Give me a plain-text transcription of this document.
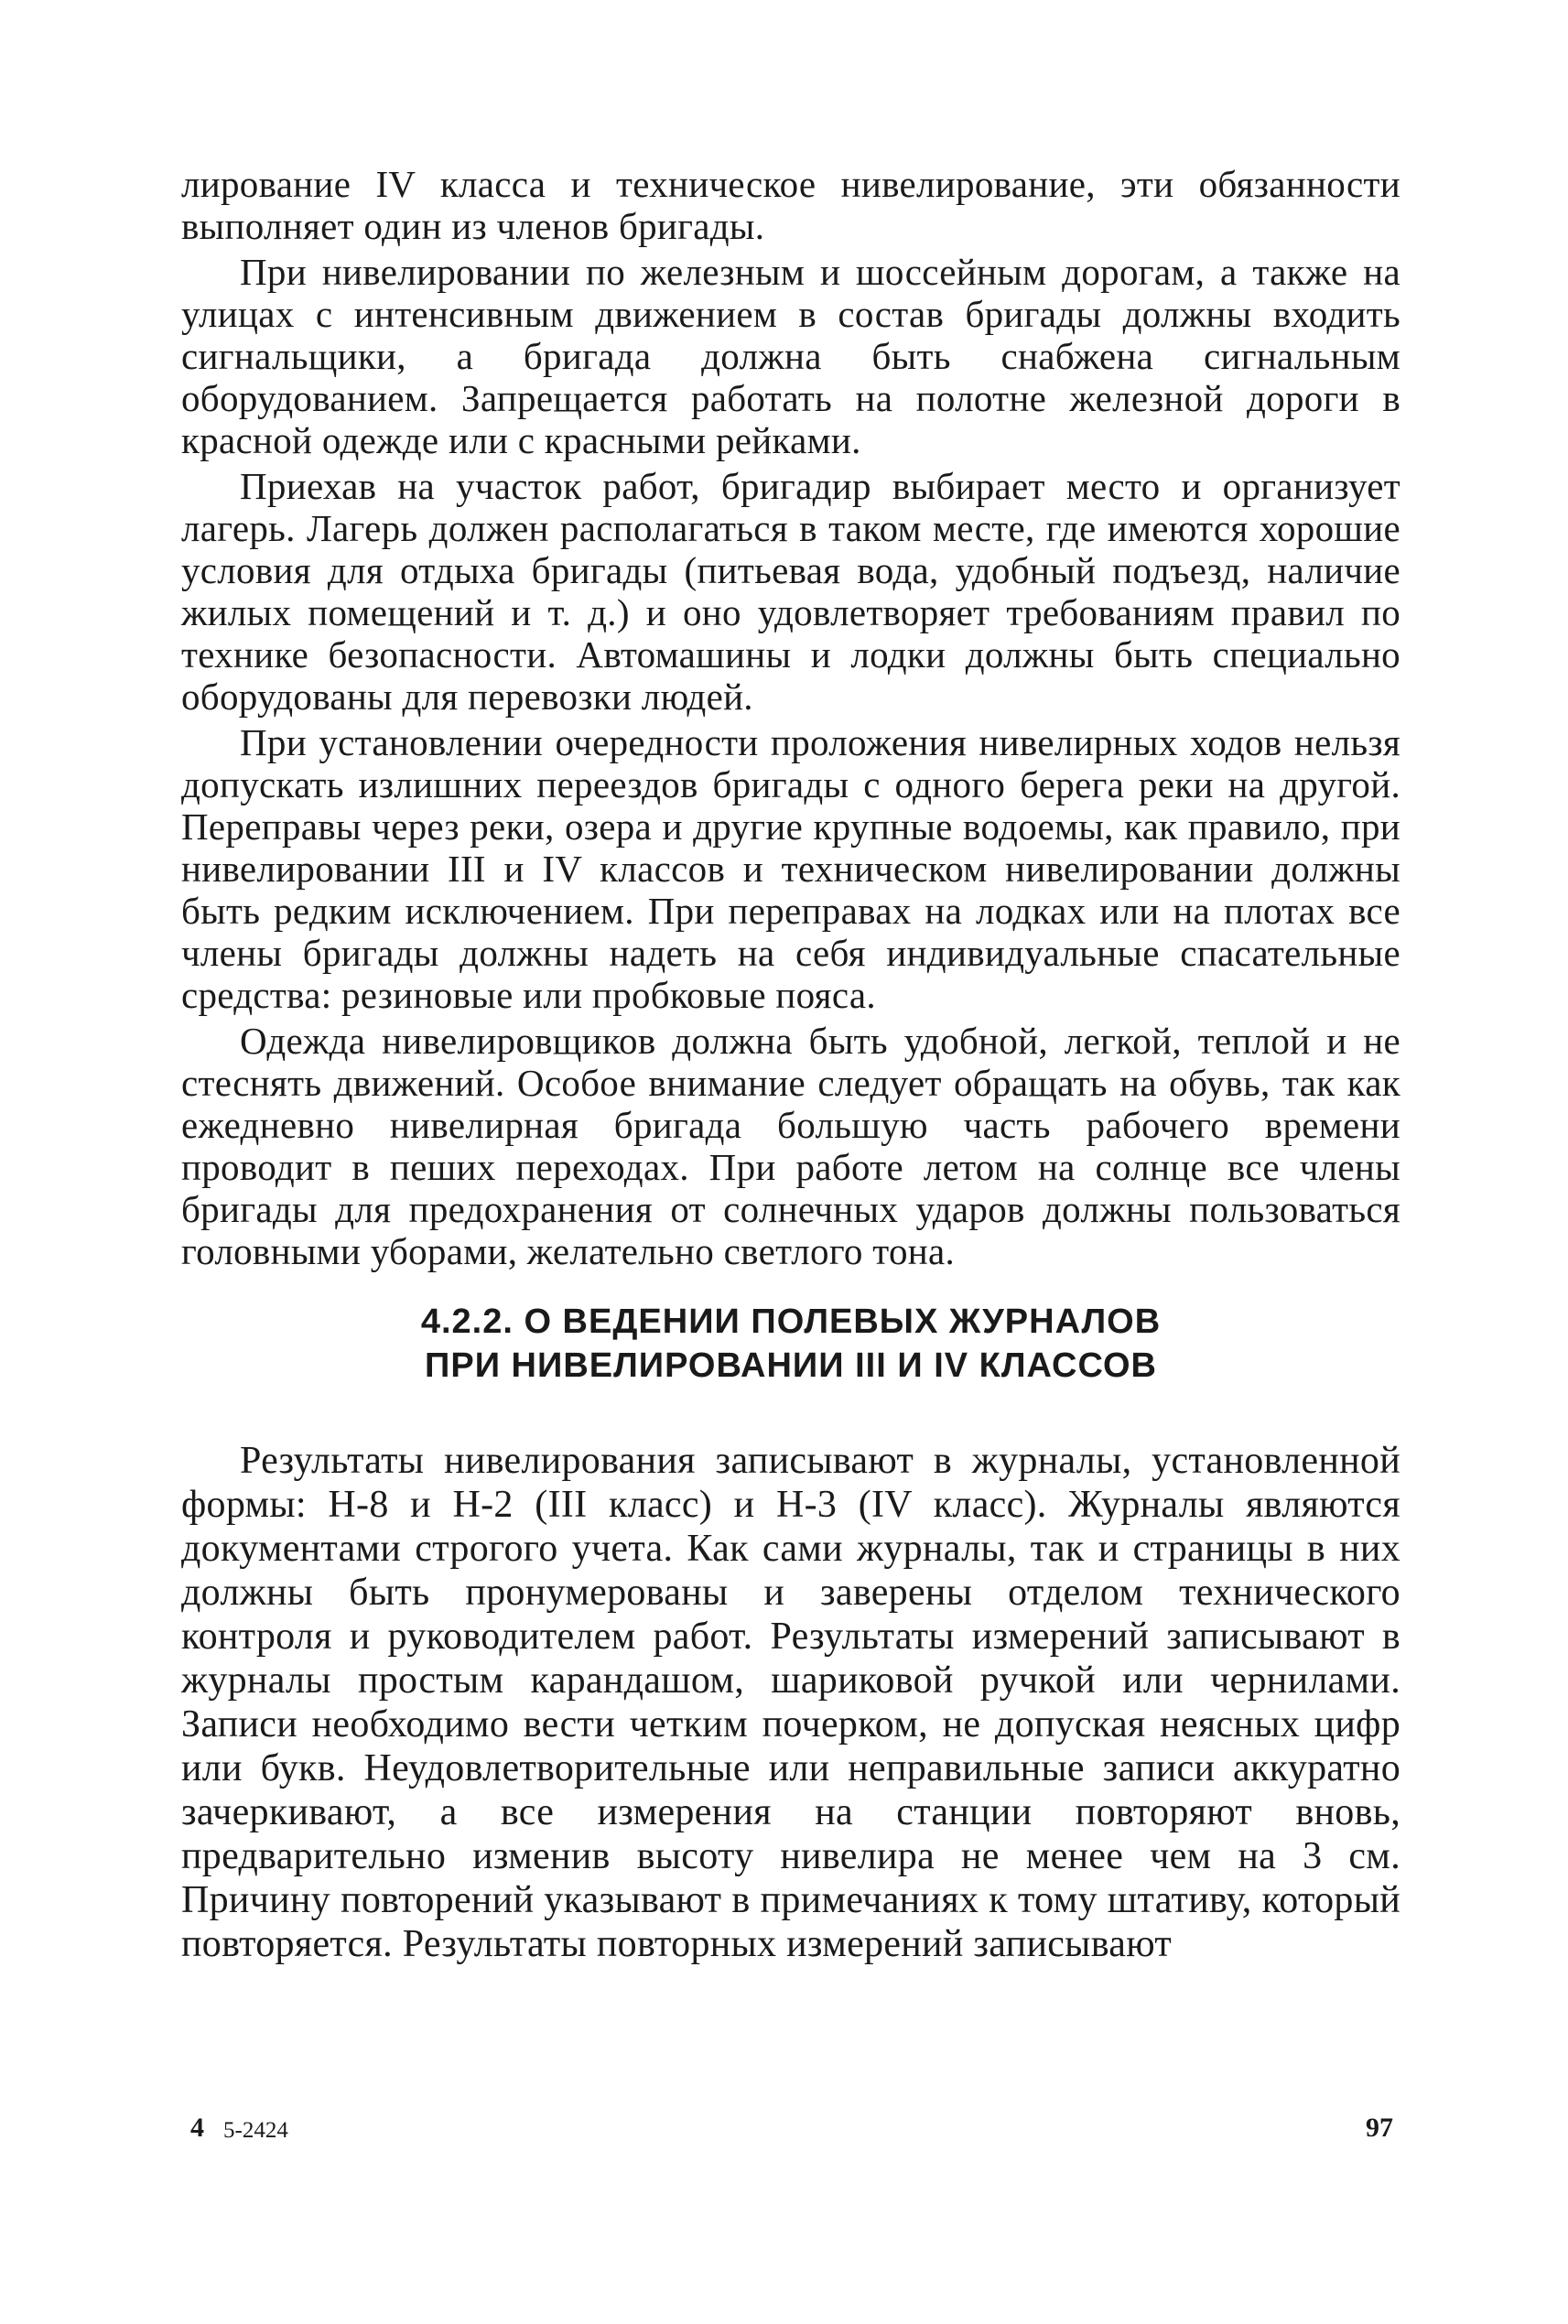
лирование IV класса и техническое нивелирование, эти обязанности выполняет один из членов бригады.

При нивелировании по железным и шоссейным дорогам, а также на улицах с интенсивным движением в состав бригады должны входить сигнальщики, а бригада должна быть снабжена сигнальным оборудованием. Запрещается работать на полотне железной дороги в красной одежде или с красными рейками.

Приехав на участок работ, бригадир выбирает место и организует лагерь. Лагерь должен располагаться в таком месте, где имеются хорошие условия для отдыха бригады (питьевая вода, удобный подъезд, наличие жилых помещений и т. д.) и оно удовлетворяет требованиям правил по технике безопасности. Автомашины и лодки должны быть специально оборудованы для перевозки людей.

При установлении очередности проложения нивелирных ходов нельзя допускать излишних переездов бригады с одного берега реки на другой. Переправы через реки, озера и другие крупные водоемы, как правило, при нивелировании III и IV классов и техническом нивелировании должны быть редким исключением. При переправах на лодках или на плотах все члены бригады должны надеть на себя индивидуальные спасательные средства: резиновые или пробковые пояса.

Одежда нивелировщиков должна быть удобной, легкой, теплой и не стеснять движений. Особое внимание следует обращать на обувь, так как ежедневно нивелирная бригада большую часть рабочего времени проводит в пеших переходах. При работе летом на солнце все члены бригады для предохранения от солнечных ударов должны пользоваться головными уборами, желательно светлого тона.

4.2.2. О ВЕДЕНИИ ПОЛЕВЫХ ЖУРНАЛОВ
ПРИ НИВЕЛИРОВАНИИ III И IV КЛАССОВ

Результаты нивелирования записывают в журналы, установленной формы: Н-8 и Н-2 (III класс) и Н-3 (IV класс). Журналы являются документами строгого учета. Как сами журналы, так и страницы в них должны быть пронумерованы и заверены отделом технического контроля и руководителем работ. Результаты измерений записывают в журналы простым карандашом, шариковой ручкой или чернилами. Записи необходимо вести четким почерком, не допуская неясных цифр или букв. Неудовлетворительные или неправильные записи аккуратно зачеркивают, а все измерения на станции повторяют вновь, предварительно изменив высоту нивелира не менее чем на 3 см. Причину повторений указывают в примечаниях к тому штативу, который повторяется. Результаты повторных измерений записывают

4 5-2424	97
